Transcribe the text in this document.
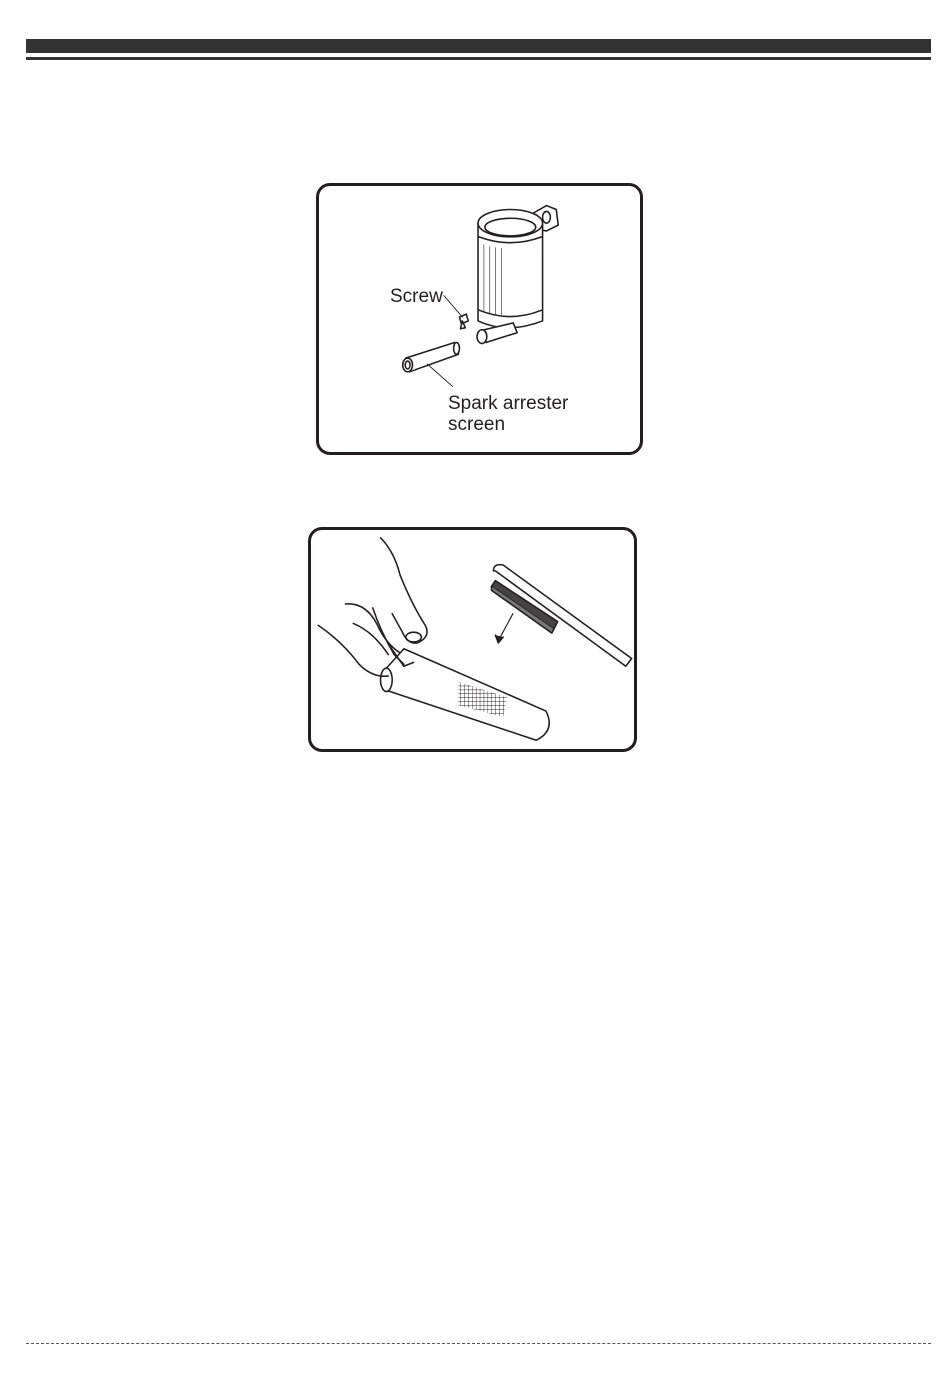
Screw
Spark arrester
screen
